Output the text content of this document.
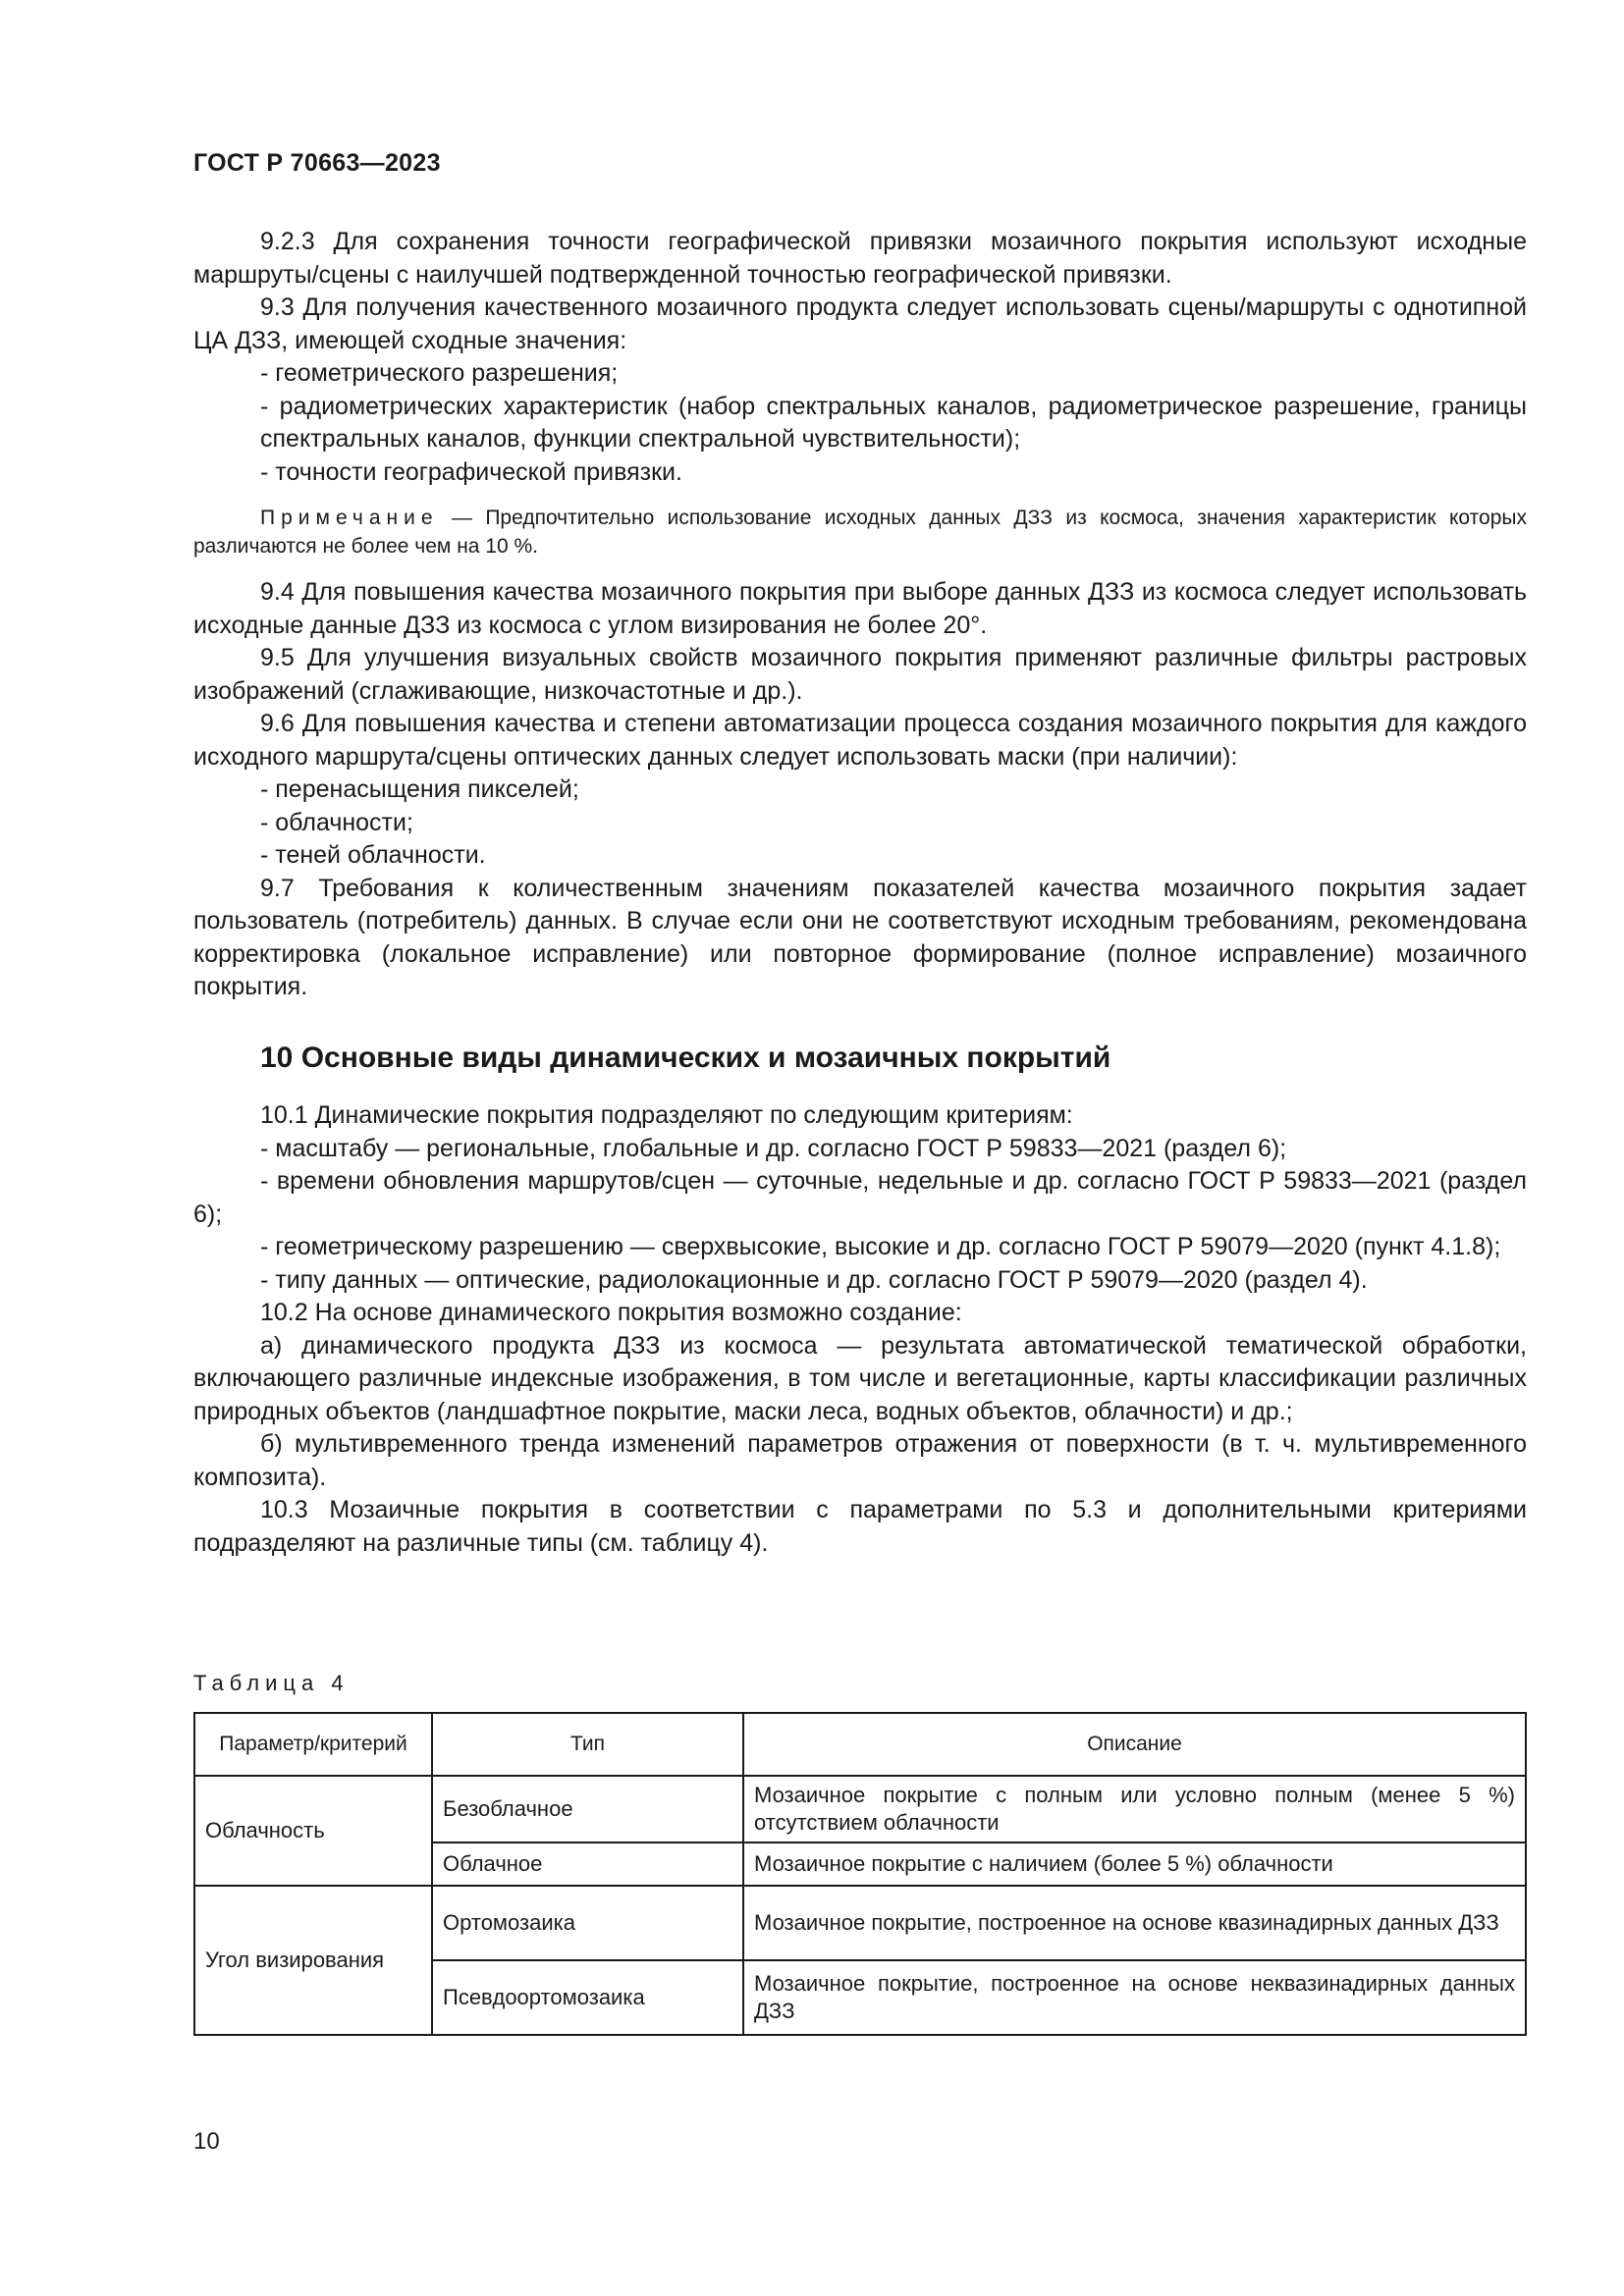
ГОСТ Р 70663—2023

9.2.3 Для сохранения точности географической привязки мозаичного покрытия используют исходные маршруты/сцены с наилучшей подтвержденной точностью географической привязки.

9.3 Для получения качественного мозаичного продукта следует использовать сцены/маршруты с однотипной ЦА ДЗЗ, имеющей сходные значения:

- геометрического разрешения;

- радиометрических характеристик (набор спектральных каналов, радиометрическое разрешение, границы спектральных каналов, функции спектральной чувствительности);

- точности географической привязки.

Примечание — Предпочтительно использование исходных данных ДЗЗ из космоса, значения характеристик которых различаются не более чем на 10 %.

9.4 Для повышения качества мозаичного покрытия при выборе данных ДЗЗ из космоса следует использовать исходные данные ДЗЗ из космоса с углом визирования не более 20°.

9.5 Для улучшения визуальных свойств мозаичного покрытия применяют различные фильтры растровых изображений (сглаживающие, низкочастотные и др.).

9.6 Для повышения качества и степени автоматизации процесса создания мозаичного покрытия для каждого исходного маршрута/сцены оптических данных следует использовать маски (при наличии):

- перенасыщения пикселей;

- облачности;

- теней облачности.

9.7 Требования к количественным значениям показателей качества мозаичного покрытия задает пользователь (потребитель) данных. В случае если они не соответствуют исходным требованиям, рекомендована корректировка (локальное исправление) или повторное формирование (полное исправление) мозаичного покрытия.

10 Основные виды динамических и мозаичных покрытий

10.1 Динамические покрытия подразделяют по следующим критериям:

- масштабу — региональные, глобальные и др. согласно ГОСТ Р 59833—2021 (раздел 6);

- времени обновления маршрутов/сцен — суточные, недельные и др. согласно ГОСТ Р 59833—2021 (раздел 6);

- геометрическому разрешению — сверхвысокие, высокие и др. согласно ГОСТ Р 59079—2020 (пункт 4.1.8);

- типу данных — оптические, радиолокационные и др. согласно ГОСТ Р 59079—2020 (раздел 4).

10.2 На основе динамического покрытия возможно создание:

а) динамического продукта ДЗЗ из космоса — результата автоматической тематической обработки, включающего различные индексные изображения, в том числе и вегетационные, карты классификации различных природных объектов (ландшафтное покрытие, маски леса, водных объектов, облачности) и др.;

б) мультивременного тренда изменений параметров отражения от поверхности (в т. ч. мультивременного композита).

10.3 Мозаичные покрытия в соответствии с параметрами по 5.3 и дополнительными критериями подразделяют на различные типы (см. таблицу 4).

Таблица 4
Параметр/критерий	Тип	Описание
Облачность	Безоблачное	Мозаичное покрытие с полным или условно полным (менее 5 %) отсутствием облачности
	Облачное	Мозаичное покрытие с наличием (более 5 %) облачности
Угол визирования	Ортомозаика	Мозаичное покрытие, построенное на основе квазинадирных данных ДЗЗ
	Псевдоортомозаика	Мозаичное покрытие, построенное на основе неквазинадирных данных ДЗЗ
10
